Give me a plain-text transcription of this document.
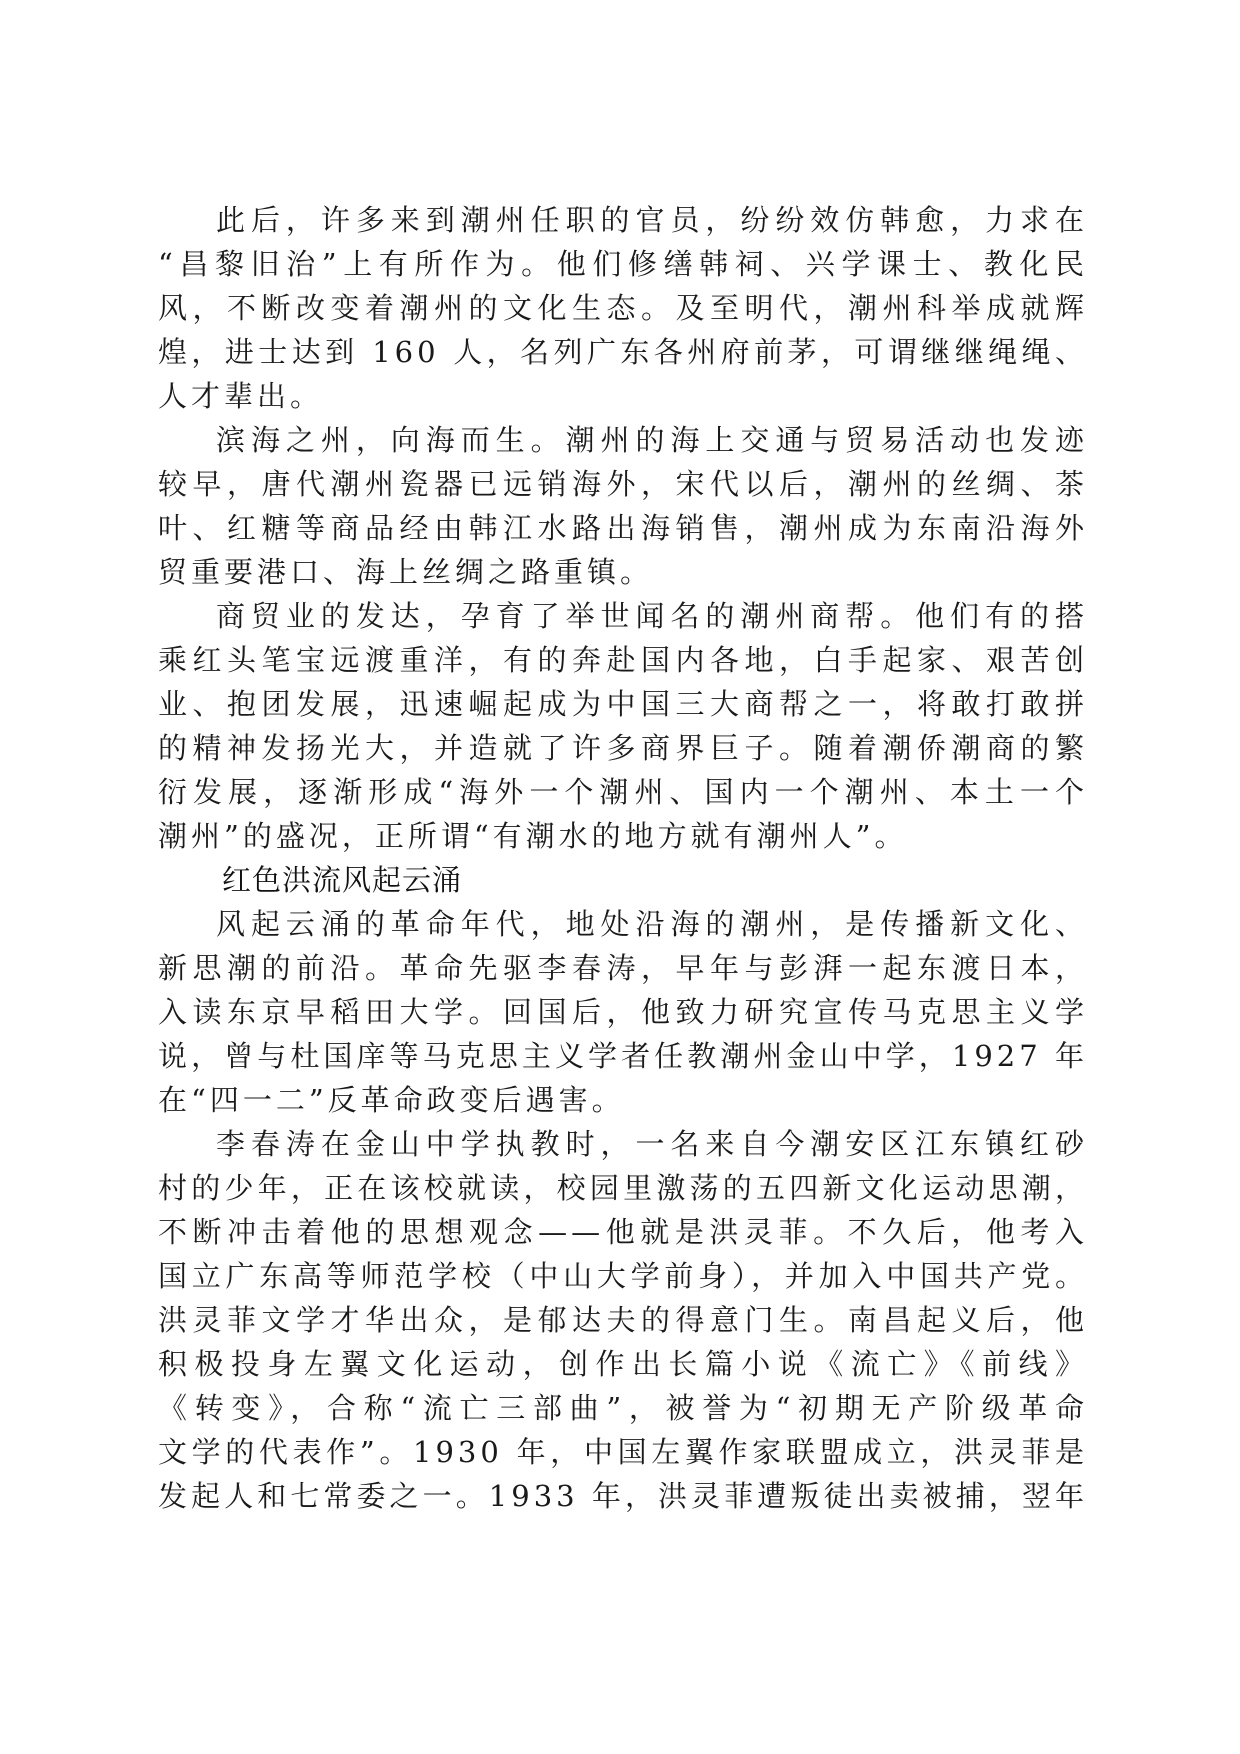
此后，许多来到潮州任职的官员，纷纷效仿韩愈，力求在
“昌黎旧治”上有所作为。他们修缮韩祠、兴学课士、教化民
风，不断改变着潮州的文化生态。及至明代，潮州科举成就辉
煌，进士达到 160 人，名列广东各州府前茅，可谓继继绳绳、
人才辈出。
滨海之州，向海而生。潮州的海上交通与贸易活动也发迹
较早，唐代潮州瓷器已远销海外，宋代以后，潮州的丝绸、茶
叶、红糖等商品经由韩江水路出海销售，潮州成为东南沿海外
贸重要港口、海上丝绸之路重镇。
商贸业的发达，孕育了举世闻名的潮州商帮。他们有的搭
乘红头笔宝远渡重洋，有的奔赴国内各地，白手起家、艰苦创
业、抱团发展，迅速崛起成为中国三大商帮之一，将敢打敢拼
的精神发扬光大，并造就了许多商界巨子。随着潮侨潮商的繁
衍发展，逐渐形成“海外一个潮州、国内一个潮州、本土一个
潮州”的盛况，正所谓“有潮水的地方就有潮州人”。
红色洪流风起云涌
风起云涌的革命年代，地处沿海的潮州，是传播新文化、
新思潮的前沿。革命先驱李春涛，早年与彭湃一起东渡日本，
入读东京早稻田大学。回国后，他致力研究宣传马克思主义学
说，曾与杜国庠等马克思主义学者任教潮州金山中学，1927 年
在“四一二”反革命政变后遇害。
李春涛在金山中学执教时，一名来自今潮安区江东镇红砂
村的少年，正在该校就读，校园里激荡的五四新文化运动思潮，
不断冲击着他的思想观念——他就是洪灵菲。不久后，他考入
国立广东高等师范学校（中山大学前身），并加入中国共产党。
洪灵菲文学才华出众，是郁达夫的得意门生。南昌起义后，他
积极投身左翼文化运动，创作出长篇小说《流亡》《前线》
《转变》，合称“流亡三部曲”，被誉为“初期无产阶级革命
文学的代表作”。1930 年，中国左翼作家联盟成立，洪灵菲是
发起人和七常委之一。1933 年，洪灵菲遭叛徒出卖被捕，翌年
